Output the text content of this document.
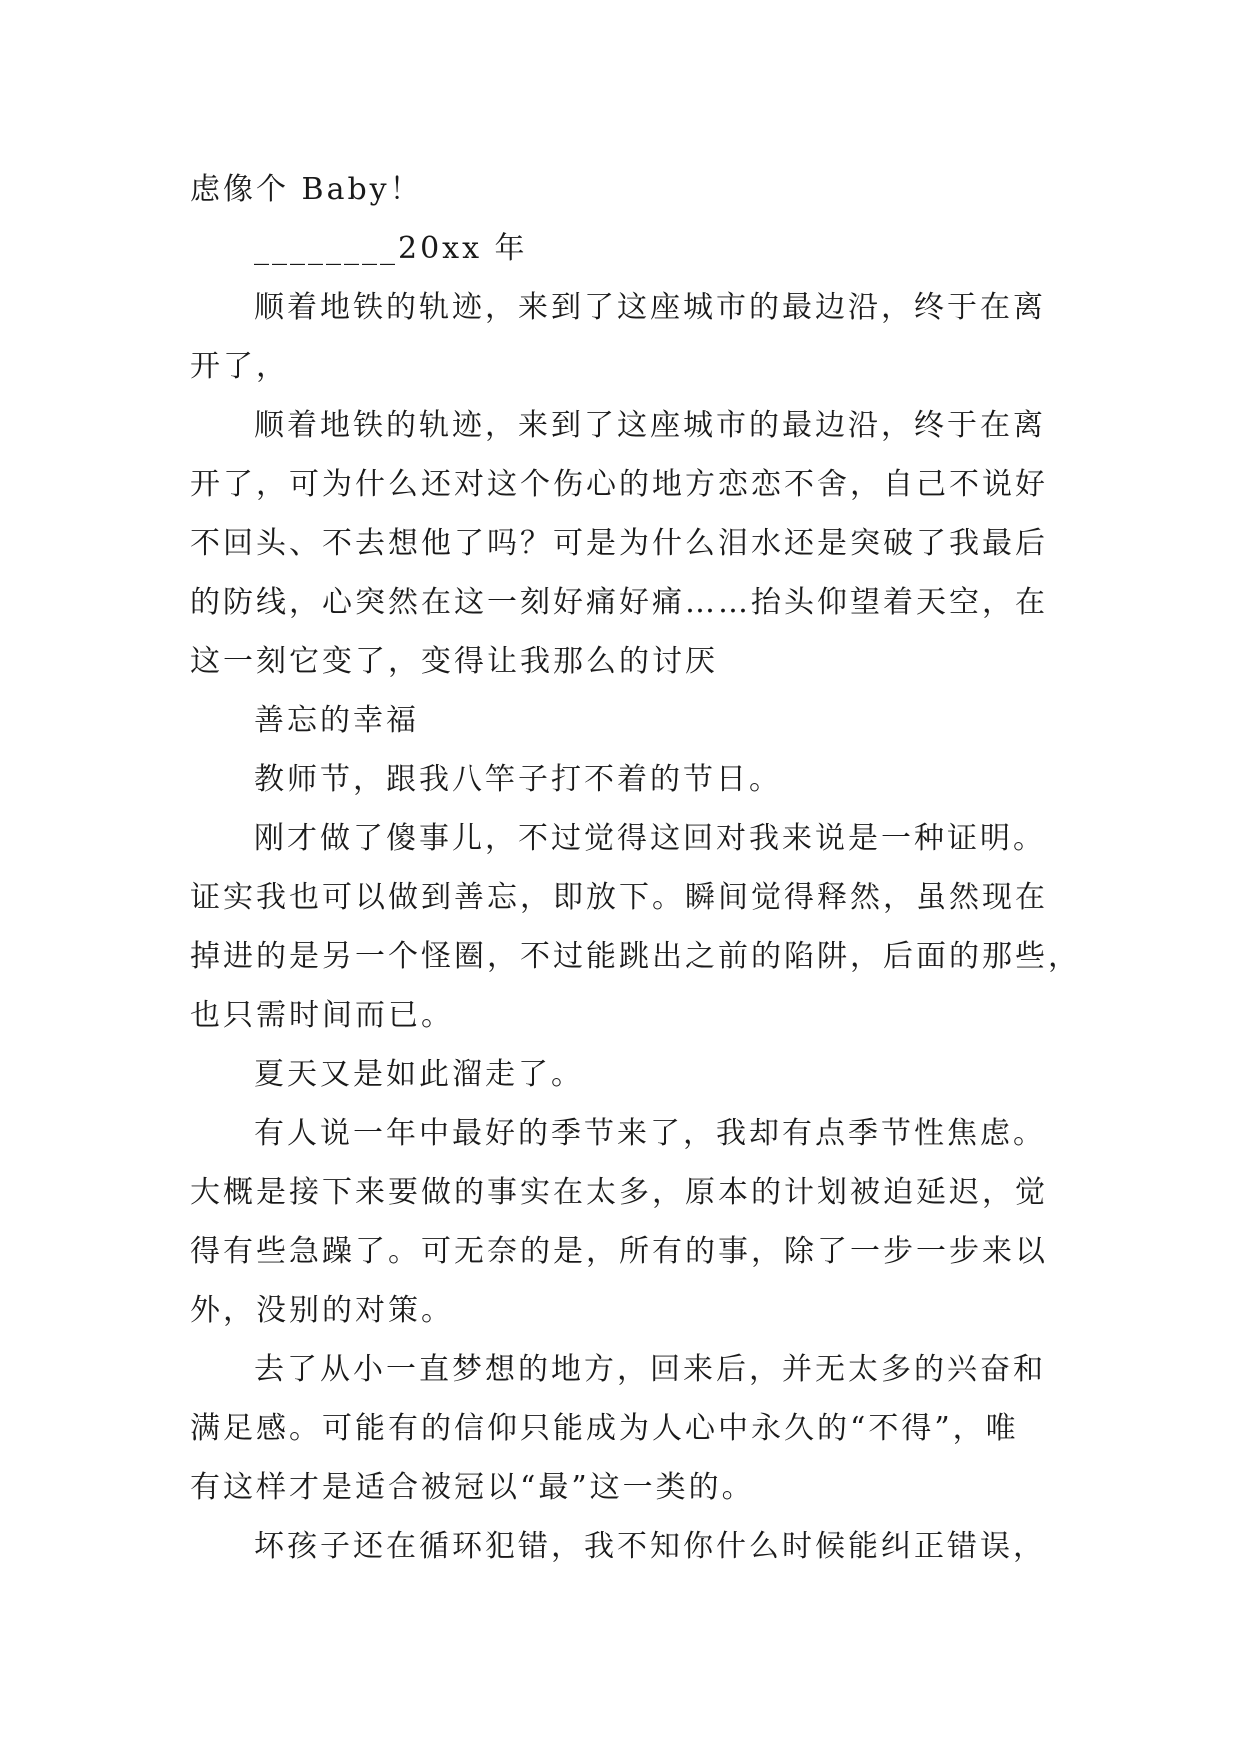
虑像个 Baby！
________20xx 年
顺着地铁的轨迹，来到了这座城市的最边沿，终于在离
开了，
顺着地铁的轨迹，来到了这座城市的最边沿，终于在离
开了，可为什么还对这个伤心的地方恋恋不舍，自己不说好
不回头、不去想他了吗？可是为什么泪水还是突破了我最后
的防线，心突然在这一刻好痛好痛……抬头仰望着天空，在
这一刻它变了，变得让我那么的讨厌
善忘的幸福
教师节，跟我八竿子打不着的节日。
刚才做了傻事儿，不过觉得这回对我来说是一种证明。
证实我也可以做到善忘，即放下。瞬间觉得释然，虽然现在
掉进的是另一个怪圈，不过能跳出之前的陷阱，后面的那些，
也只需时间而已。
夏天又是如此溜走了。
有人说一年中最好的季节来了，我却有点季节性焦虑。
大概是接下来要做的事实在太多，原本的计划被迫延迟，觉
得有些急躁了。可无奈的是，所有的事，除了一步一步来以
外，没别的对策。
去了从小一直梦想的地方，回来后，并无太多的兴奋和
满足感。可能有的信仰只能成为人心中永久的“不得”，唯
有这样才是适合被冠以“最”这一类的。
坏孩子还在循环犯错，我不知你什么时候能纠正错误，
